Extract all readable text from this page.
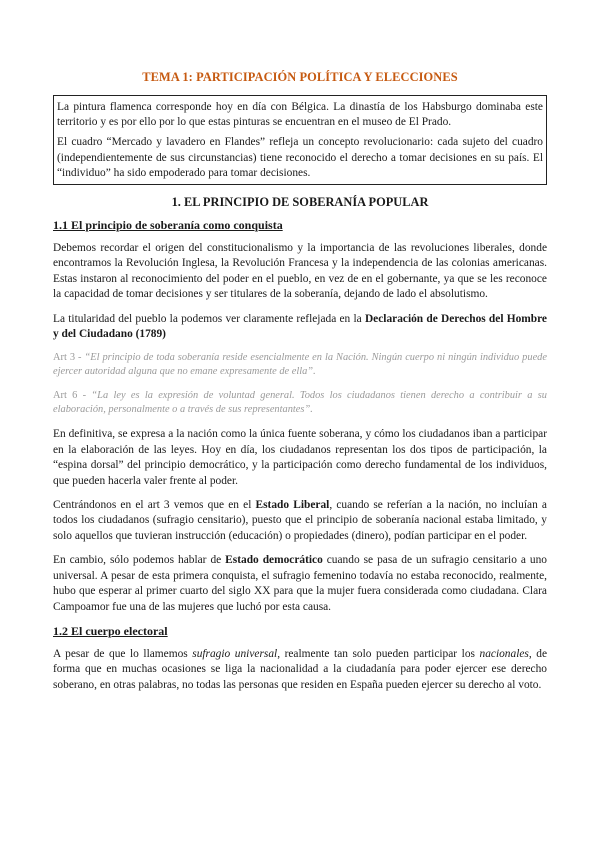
TEMA 1: PARTICIPACIÓN POLÍTICA Y ELECCIONES

La pintura flamenca corresponde hoy en día con Bélgica. La dinastía de los Habsburgo dominaba este territorio y es por ello por lo que estas pinturas se encuentran en el museo de El Prado.

El cuadro “Mercado y lavadero en Flandes” refleja un concepto revolucionario: cada sujeto del cuadro (independientemente de sus circunstancias) tiene reconocido el derecho a tomar decisiones en su país. El “individuo” ha sido empoderado para tomar decisiones.

1. EL PRINCIPIO DE SOBERANÍA POPULAR
1.1 El principio de soberanía como conquista

Debemos recordar el origen del constitucionalismo y la importancia de las revoluciones liberales, donde encontramos la Revolución Inglesa, la Revolución Francesa y la independencia de las colonias americanas. Estas instaron al reconocimiento del poder en el pueblo, en vez de en el gobernante, ya que se les reconoce la capacidad de tomar decisiones y ser titulares de la soberanía, dejando de lado el absolutismo.

La titularidad del pueblo la podemos ver claramente reflejada en la Declaración de Derechos del Hombre y del Ciudadano (1789)

Art 3 - “El principio de toda soberanía reside esencialmente en la Nación. Ningún cuerpo ni ningún individuo puede ejercer autoridad alguna que no emane expresamente de ella”.

Art 6 - “La ley es la expresión de voluntad general. Todos los ciudadanos tienen derecho a contribuir a su elaboración, personalmente o a través de sus representantes”.

En definitiva, se expresa a la nación como la única fuente soberana, y cómo los ciudadanos iban a participar en la elaboración de las leyes. Hoy en día, los ciudadanos representan los dos tipos de participación, la “espina dorsal” del principio democrático, y la participación como derecho fundamental de los individuos, que pueden hacerla valer frente al poder.

Centrándonos en el art 3 vemos que en el Estado Liberal, cuando se referían a la nación, no incluían a todos los ciudadanos (sufragio censitario), puesto que el principio de soberanía nacional estaba limitado, y solo aquellos que tuvieran instrucción (educación) o propiedades (dinero), podían participar en el poder.

En cambio, sólo podemos hablar de Estado democrático cuando se pasa de un sufragio censitario a uno universal. A pesar de esta primera conquista, el sufragio femenino todavía no estaba reconocido, realmente, hubo que esperar al primer cuarto del siglo XX para que la mujer fuera considerada como ciudadana. Clara Campoamor fue una de las mujeres que luchó por esta causa.

1.2 El cuerpo electoral

A pesar de que lo llamemos sufragio universal, realmente tan solo pueden participar los nacionales, de forma que en muchas ocasiones se liga la nacionalidad a la ciudadanía para poder ejercer ese derecho soberano, en otras palabras, no todas las personas que residen en España pueden ejercer su derecho al voto.
